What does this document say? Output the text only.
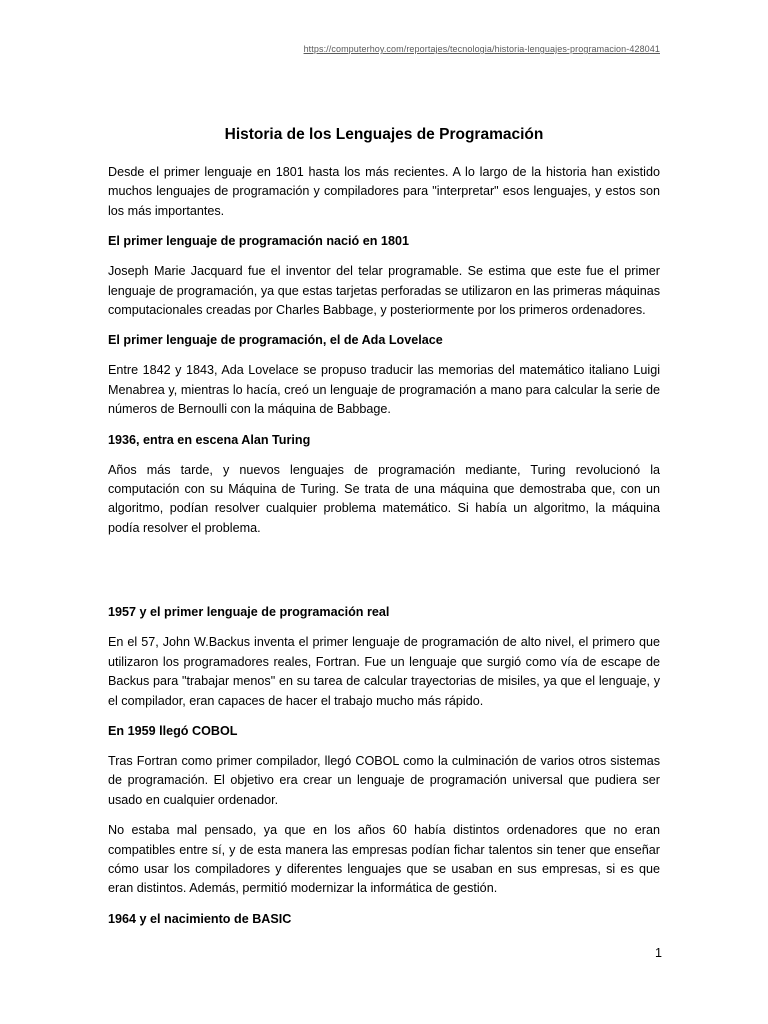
https://computerhoy.com/reportajes/tecnologia/historia-lenguajes-programacion-428041
Historia de los Lenguajes de Programación

Desde el primer lenguaje en 1801 hasta los más recientes. A lo largo de la historia han existido muchos lenguajes de programación y compiladores para "interpretar" esos lenguajes, y estos son los más importantes.

El primer lenguaje de programación nació en 1801

Joseph Marie Jacquard fue el inventor del telar programable. Se estima que este fue el primer lenguaje de programación, ya que estas tarjetas perforadas se utilizaron en las primeras máquinas computacionales creadas por Charles Babbage, y posteriormente por los primeros ordenadores.

El primer lenguaje de programación, el de Ada Lovelace

Entre 1842 y 1843, Ada Lovelace se propuso traducir las memorias del matemático italiano Luigi Menabrea y, mientras lo hacía, creó un lenguaje de programación a mano para calcular la serie de números de Bernoulli con la máquina de Babbage.

1936, entra en escena Alan Turing

Años más tarde, y nuevos lenguajes de programación mediante, Turing revolucionó la computación con su Máquina de Turing. Se trata de una máquina que demostraba que, con un algoritmo, podían resolver cualquier problema matemático. Si había un algoritmo, la máquina podía resolver el problema.

1957 y el primer lenguaje de programación real

En el 57, John W.Backus inventa el primer lenguaje de programación de alto nivel, el primero que utilizaron los programadores reales, Fortran. Fue un lenguaje que surgió como vía de escape de Backus para "trabajar menos" en su tarea de calcular trayectorias de misiles, ya que el lenguaje, y el compilador, eran capaces de hacer el trabajo mucho más rápido.

En 1959 llegó COBOL

Tras Fortran como primer compilador, llegó COBOL como la culminación de varios otros sistemas de programación. El objetivo era crear un lenguaje de programación universal que pudiera ser usado en cualquier ordenador.

No estaba mal pensado, ya que en los años 60 había distintos ordenadores que no eran compatibles entre sí, y de esta manera las empresas podían fichar talentos sin tener que enseñar cómo usar los compiladores y diferentes lenguajes que se usaban en sus empresas, si es que eran distintos. Además, permitió modernizar la informática de gestión.

1964 y el nacimiento de BASIC

1
